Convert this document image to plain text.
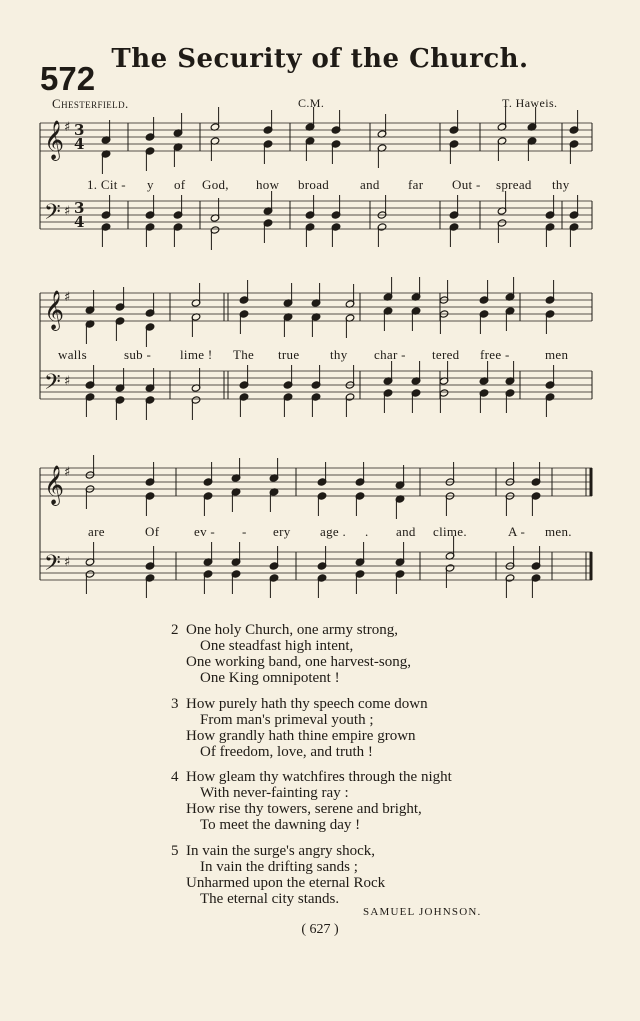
The Security of the Church.
572
Chesterfield.	C.M.	T. Haweis.
𝄞
𝄢
♯
♯
3
4
3
4
1. Cit - y of God, how broad and far Out - spread thy
𝄞
𝄢
♯
♯
walls	sub - lime ! The true thy char - tered free -	men
𝄞
𝄢
♯
♯
are	Of	ev - - ery age . . and clime.	A - men.
2 One holy Church, one army strong,
One steadfast high intent,
One working band, one harvest-song,
One King omnipotent !
3 How purely hath thy speech come down
From man's primeval youth ;
How grandly hath thine empire grown
Of freedom, love, and truth !
4 How gleam thy watchfires through the night
With never-fainting ray :
How rise thy towers, serene and bright,
To meet the dawning day !
5 In vain the surge's angry shock,
In vain the drifting sands ;
Unharmed upon the eternal Rock
The eternal city stands.
SAMUEL JOHNSON.
( 627 )
